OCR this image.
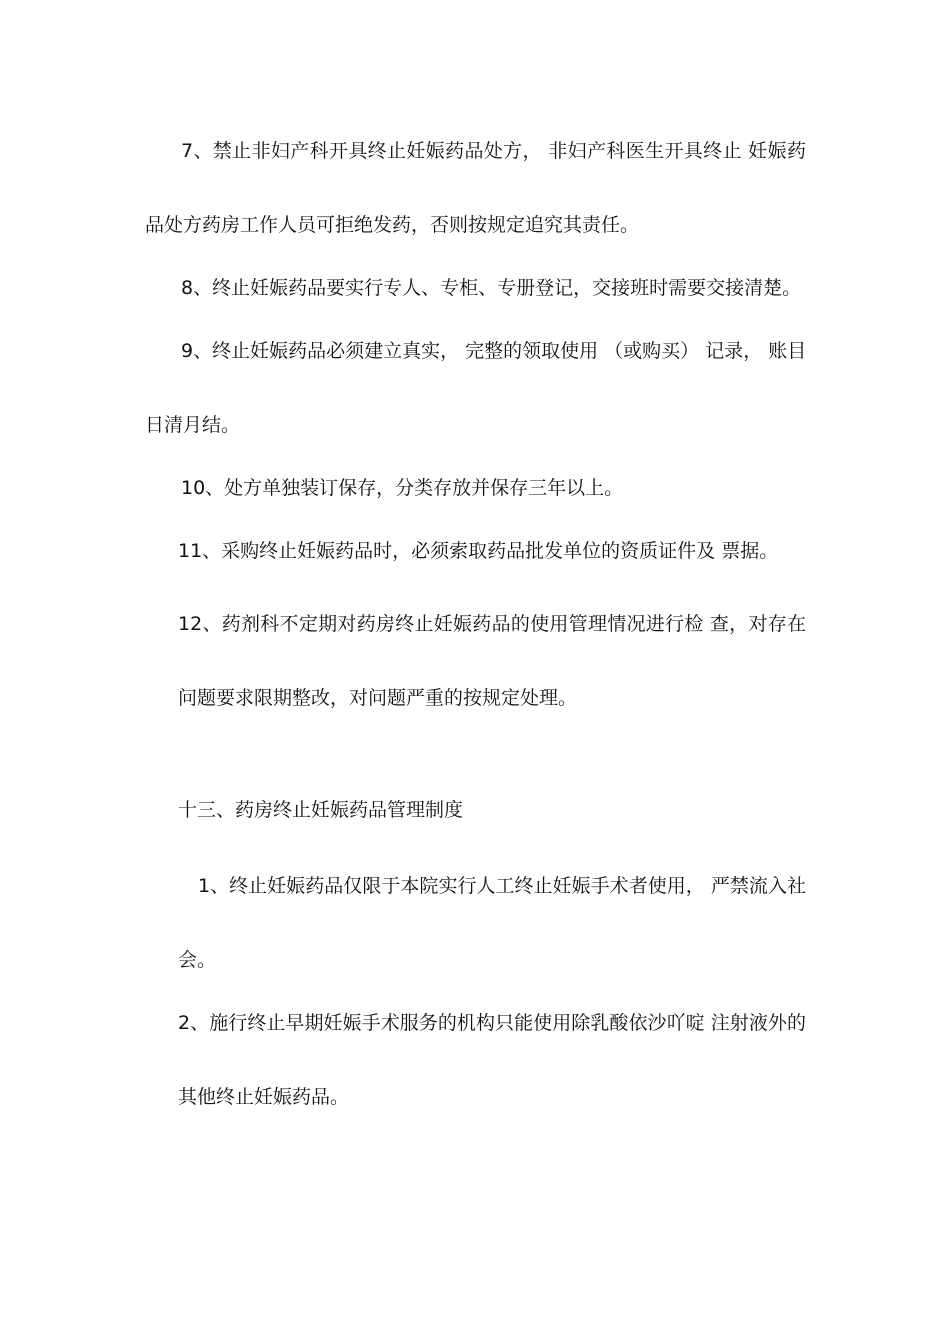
7、禁止非妇产科开具终止妊娠药品处方， 非妇产科医生开具终止 妊娠药
品处方药房工作人员可拒绝发药，否则按规定追究其责任。
8、终止妊娠药品要实行专人、专柜、专册登记，交接班时需要交接清楚。
9、终止妊娠药品必须建立真实， 完整的领取使用 （或购买） 记录， 账目
日清月结。
10、处方单独装订保存，分类存放并保存三年以上。
11、采购终止妊娠药品时，必须索取药品批发单位的资质证件及 票据。
12、药剂科不定期对药房终止妊娠药品的使用管理情况进行检 查，对存在
问题要求限期整改，对问题严重的按规定处理。
十三、药房终止妊娠药品管理制度
1、终止妊娠药品仅限于本院实行人工终止妊娠手术者使用， 严禁流入社
会。
2、施行终止早期妊娠手术服务的机构只能使用除乳酸依沙吖啶 注射液外的
其他终止妊娠药品。
